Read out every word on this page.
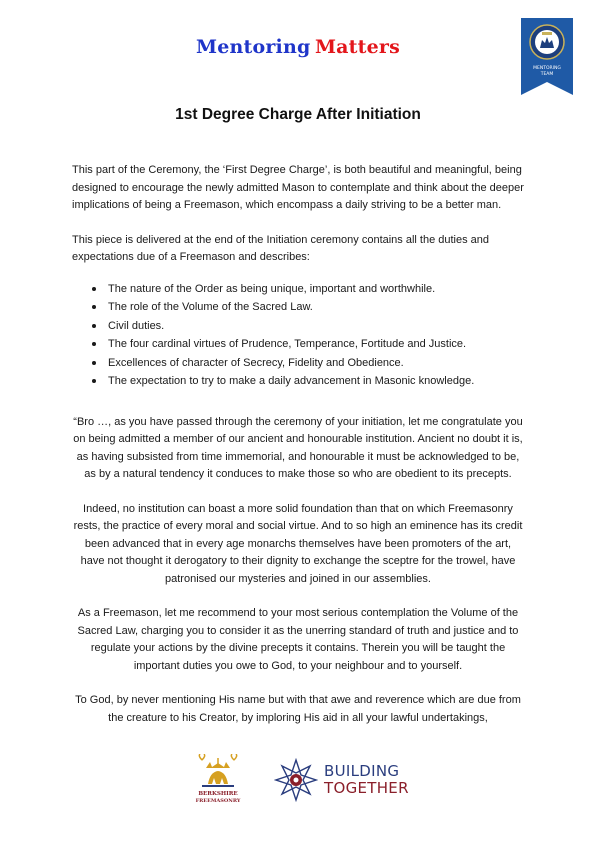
Mentoring Matters
MENTORING
TEAM
1st Degree Charge After Initiation

This part of the Ceremony, the ‘First Degree Charge’, is both beautiful and meaningful, being designed to encourage the newly admitted Mason to contemplate and think about the deeper implications of being a Freemason, which encompass a daily striving to be a better man.

This piece is delivered at the end of the Initiation ceremony contains all the duties and expectations due of a Freemason and describes:

The nature of the Order as being unique, important and worthwhile.
The role of the Volume of the Sacred Law.
Civil duties.
The four cardinal virtues of Prudence, Temperance, Fortitude and Justice.
Excellences of character of Secrecy, Fidelity and Obedience.
The expectation to try to make a daily advancement in Masonic knowledge.

“Bro …, as you have passed through the ceremony of your initiation, let me congratulate you on being admitted a member of our ancient and honourable institution. Ancient no doubt it is, as having subsisted from time immemorial, and honourable it must be acknowledged to be, as by a natural tendency it conduces to make those so who are obedient to its precepts.

Indeed, no institution can boast a more solid foundation than that on which Freemasonry rests, the practice of every moral and social virtue. And to so high an eminence has its credit been advanced that in every age monarchs themselves have been promoters of the art, have not thought it derogatory to their dignity to exchange the sceptre for the trowel, have patronised our mysteries and joined in our assemblies.

As a Freemason, let me recommend to your most serious contemplation the Volume of the Sacred Law, charging you to consider it as the unerring standard of truth and justice and to regulate your actions by the divine precepts it contains. Therein you will be taught the important duties you owe to God, to your neighbour and to yourself.

To God, by never mentioning His name but with that awe and reverence which are due from the creature to his Creator, by imploring His aid in all your lawful undertakings,

BERKSHIRE
FREEMASONRY
BUILDING
TOGETHER
